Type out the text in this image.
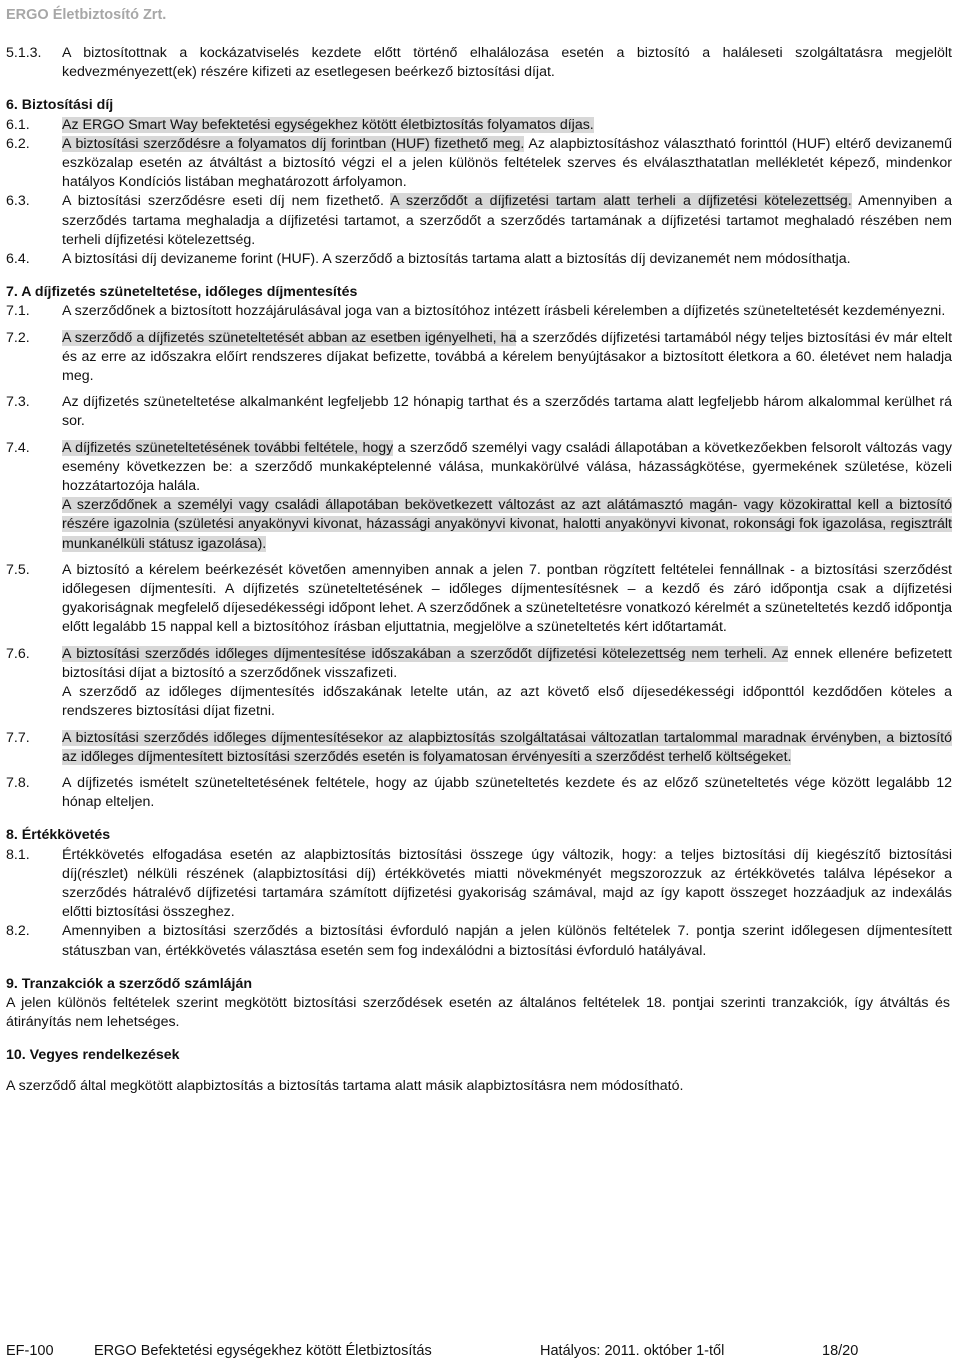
ERGO Életbiztosító Zrt.
5.1.3.	A biztosítottnak a kockázatviselés kezdete előtt történő elhalálozása esetén a biztosító a haláleseti szolgáltatásra megjelölt kedvezményezett(ek) részére kifizeti az esetlegesen beérkező biztosítási díjat.
6. Biztosítási díj
6.1.	Az ERGO Smart Way befektetési egységekhez kötött életbiztosítás folyamatos díjas.
6.2.	A biztosítási szerződésre a folyamatos díj forintban (HUF) fizethető meg. Az alapbiztosításhoz választható forinttól (HUF) eltérő devizanemű eszközalap esetén az átváltást a biztosító végzi el a jelen különös feltételek szerves és elválaszthatatlan mellékletét képező, mindenkor hatályos Kondíciós listában meghatározott árfolyamon.
6.3.	A biztosítási szerződésre eseti díj nem fizethető. A szerződőt a díjfizetési tartam alatt terheli a díjfizetési kötelezettség. Amennyiben a szerződés tartama meghaladja a díjfizetési tartamot, a szerződőt a szerződés tartamának a díjfizetési tartamot meghaladó részében nem terheli díjfizetési kötelezettség.
6.4.	A biztosítási díj devizaneme forint (HUF). A szerződő a biztosítás tartama alatt a biztosítás díj devizanemét nem módosíthatja.
7. A díjfizetés szüneteltetése, időleges díjmentesítés
7.1.	A szerződőnek a biztosított hozzájárulásával joga van a biztosítóhoz intézett írásbeli kérelemben a díjfizetés szüneteltetését kezdeményezni.
7.2.	A szerződő a díjfizetés szüneteltetését abban az esetben igényelheti, ha a szerződés díjfizetési tartamából négy teljes biztosítási év már eltelt és az erre az időszakra előírt rendszeres díjakat befizette, továbbá a kérelem benyújtásakor a biztosított életkora a 60. életévet nem haladja meg.
7.3.	Az díjfizetés szüneteltetése alkalmanként legfeljebb 12 hónapig tarthat és a szerződés tartama alatt legfeljebb három alkalommal kerülhet rá sor.
7.4.	A díjfizetés szüneteltetésének további feltétele, hogy a szerződő személyi vagy családi állapotában a következőekben felsorolt változás vagy esemény következzen be: a szerződő munkaképtelenné válása, munkakörülvé válása, házasságkötése, gyermekének születése, közeli hozzátartozója halála.
A szerződőnek a személyi vagy családi állapotában bekövetkezett változást az azt alátámasztó magán- vagy közokirattal kell a biztosító részére igazolnia (születési anyakönyvi kivonat, házassági anyakönyvi kivonat, halotti anyakönyvi kivonat, rokonsági fok igazolása, regisztrált munkanélküli státusz igazolása).
7.5.	A biztosító a kérelem beérkezését követően amennyiben annak a jelen 7. pontban rögzített feltételei fennállnak - a biztosítási szerződést időlegesen díjmentesíti. A díjfizetés szüneteltetésének – időleges díjmentesítésnek – a kezdő és záró időpontja csak a díjfizetési gyakoriságnak megfelelő díjesedékességi időpont lehet. A szerződőnek a szüneteltetésre vonatkozó kérelmét a szüneteltetés kezdő időpontja előtt legalább 15 nappal kell a biztosítóhoz írásban eljuttatnia, megjelölve a szüneteltetés kért időtartamát.
7.6.	A biztosítási szerződés időleges díjmentesítése időszakában a szerződőt díjfizetési kötelezettség nem terheli. Az ennek ellenére befizetett biztosítási díjat a biztosító a szerződőnek visszafizeti.
A szerződő az időleges díjmentesítés időszakának letelte után, az azt követő első díjesedékességi időponttól kezdődően köteles a rendszeres biztosítási díjat fizetni.
7.7.	A biztosítási szerződés időleges díjmentesítésekor az alapbiztosítás szolgáltatásai változatlan tartalommal maradnak érvényben, a biztosító az időleges díjmentesített biztosítási szerződés esetén is folyamatosan érvényesíti a szerződést terhelő költségeket.
7.8.	A díjfizetés ismételt szüneteltetésének feltétele, hogy az újabb szüneteltetés kezdete és az előző szüneteltetés vége között legalább 12 hónap elteljen.
8. Értékkövetés
8.1.	Értékkövetés elfogadása esetén az alapbiztosítás biztosítási összege úgy változik, hogy: a teljes biztosítási díj kiegészítő biztosítási díj(részlet) nélküli részének (alapbiztosítási díj) értékkövetés miatti növekményét megszorozzuk az értékkövetés találva lépésekor a szerződés hátralévő díjfizetési tartamára számított díjfizetési gyakoriság számával, majd az így kapott összeget hozzáadjuk az indexálás előtti biztosítási összeghez.
8.2.	Amennyiben a biztosítási szerződés a biztosítási évforduló napján a jelen különös feltételek 7. pontja szerint időlegesen díjmentesített státuszban van, értékkövetés választása esetén sem fog indexálódni a biztosítási évforduló hatályával.
9. Tranzakciók a szerződő számláján
A jelen különös feltételek szerint megkötött biztosítási szerződések esetén az általános feltételek 18. pontjai szerinti tranzakciók, így átváltás és átirányítás nem lehetséges.
10. Vegyes rendelkezések
A szerződő által megkötött alapbiztosítás a biztosítás tartama alatt másik alapbiztosításra nem módosítható.
EF-100	ERGO Befektetési egységekhez kötött Életbiztosítás	Hatályos: 2011. október 1-től	18/20
